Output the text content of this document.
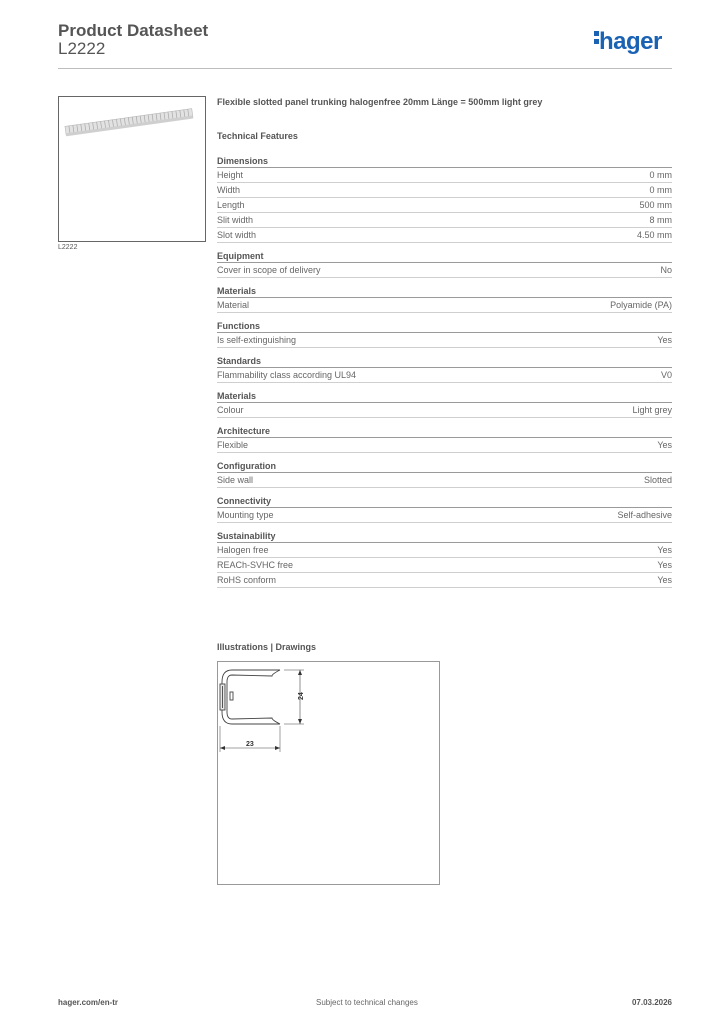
Product Datasheet
L2222	hager
L2222
Flexible slotted panel trunking halogenfree 20mm Länge = 500mm light grey
Technical Features
Dimensions
Height	0 mm
Width	0 mm
Length	500 mm
Slit width	8 mm
Slot width	4.50 mm
Equipment
Cover in scope of delivery	No
Materials
Material	Polyamide (PA)
Functions
Is self-extinguishing	Yes
Standards
Flammability class according UL94	V0
Materials
Colour	Light grey
Architecture
Flexible	Yes
Configuration
Side wall	Slotted
Connectivity
Mounting type	Self-adhesive
Sustainability
Halogen free	Yes
REACh-SVHC free	Yes
RoHS conform	Yes
Illustrations | Drawings
24
23
hager.com/en-tr	Subject to technical changes	07.03.2026
